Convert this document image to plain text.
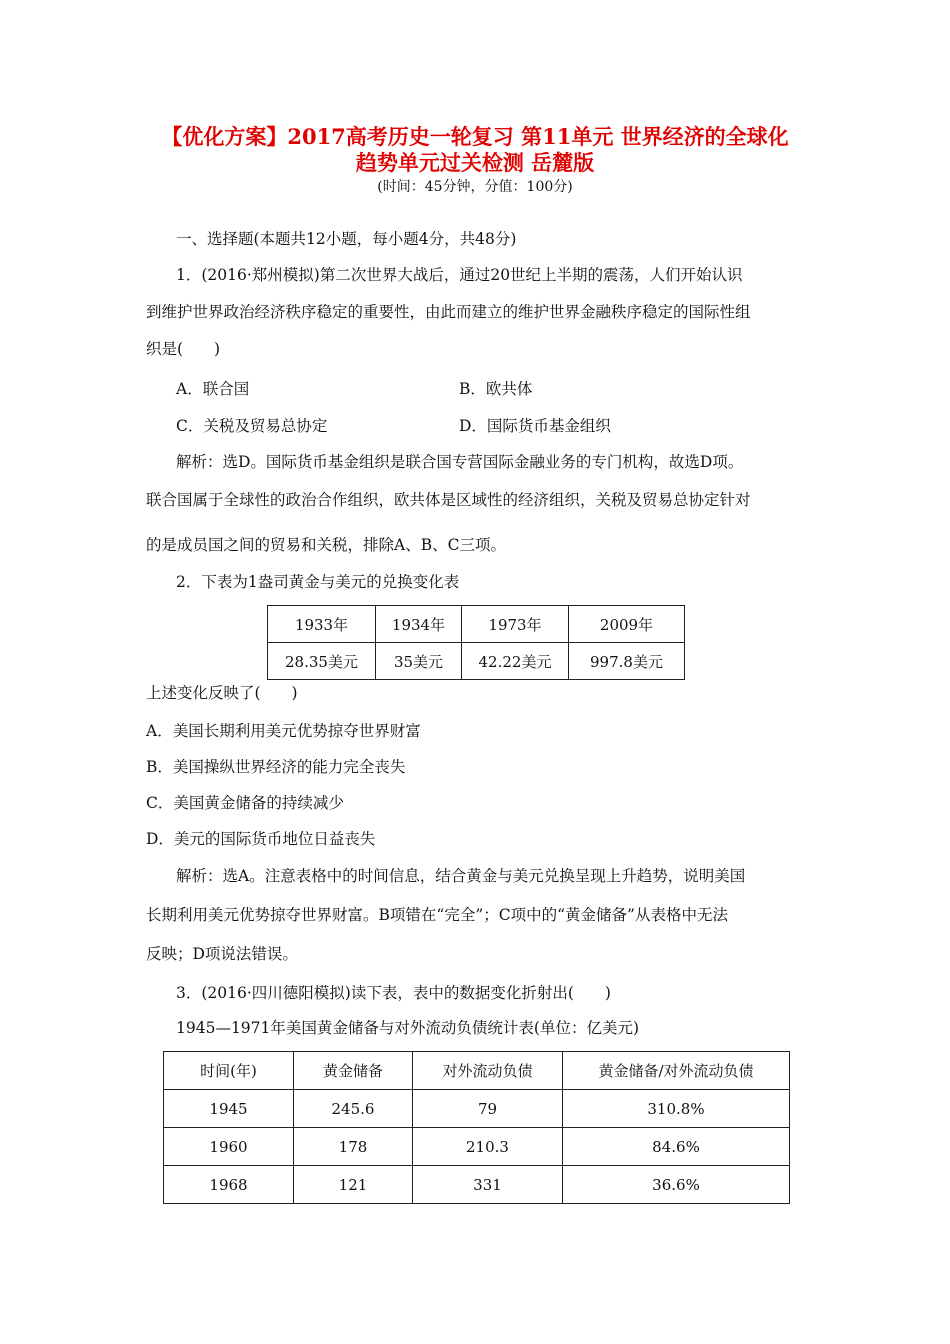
【优化方案】2017高考历史一轮复习 第11单元 世界经济的全球化
趋势单元过关检测 岳麓版
(时间：45分钟，分值：100分)
一、选择题(本题共12小题，每小题4分，共48分)
1．(2016·郑州模拟)第二次世界大战后，通过20世纪上半期的震荡，人们开始认识
到维护世界政治经济秩序稳定的重要性，由此而建立的维护世界金融秩序稳定的国际性组
织是(　　)
A．联合国	B．欧共体
C．关税及贸易总协定	D．国际货币基金组织
解析：选D。国际货币基金组织是联合国专营国际金融业务的专门机构，故选D项。
联合国属于全球性的政治合作组织，欧共体是区域性的经济组织，关税及贸易总协定针对
的是成员国之间的贸易和关税，排除A、B、C三项。
2．下表为1盎司黄金与美元的兑换变化表
1933年	1934年	1973年	2009年
28.35美元	35美元	42.22美元	997.8美元
上述变化反映了(　　)
A．美国长期利用美元优势掠夺世界财富
B．美国操纵世界经济的能力完全丧失
C．美国黄金储备的持续减少
D．美元的国际货币地位日益丧失
解析：选A。注意表格中的时间信息，结合黄金与美元兑换呈现上升趋势，说明美国
长期利用美元优势掠夺世界财富。B项错在“完全”；C项中的“黄金储备”从表格中无法
反映；D项说法错误。
3．(2016·四川德阳模拟)读下表，表中的数据变化折射出(　　)
1945—1971年美国黄金储备与对外流动负债统计表(单位：亿美元)
时间(年)	黄金储备	对外流动负债	黄金储备/对外流动负债
1945	245.6	79	310.8%
1960	178	210.3	84.6%
1968	121	331	36.6%
